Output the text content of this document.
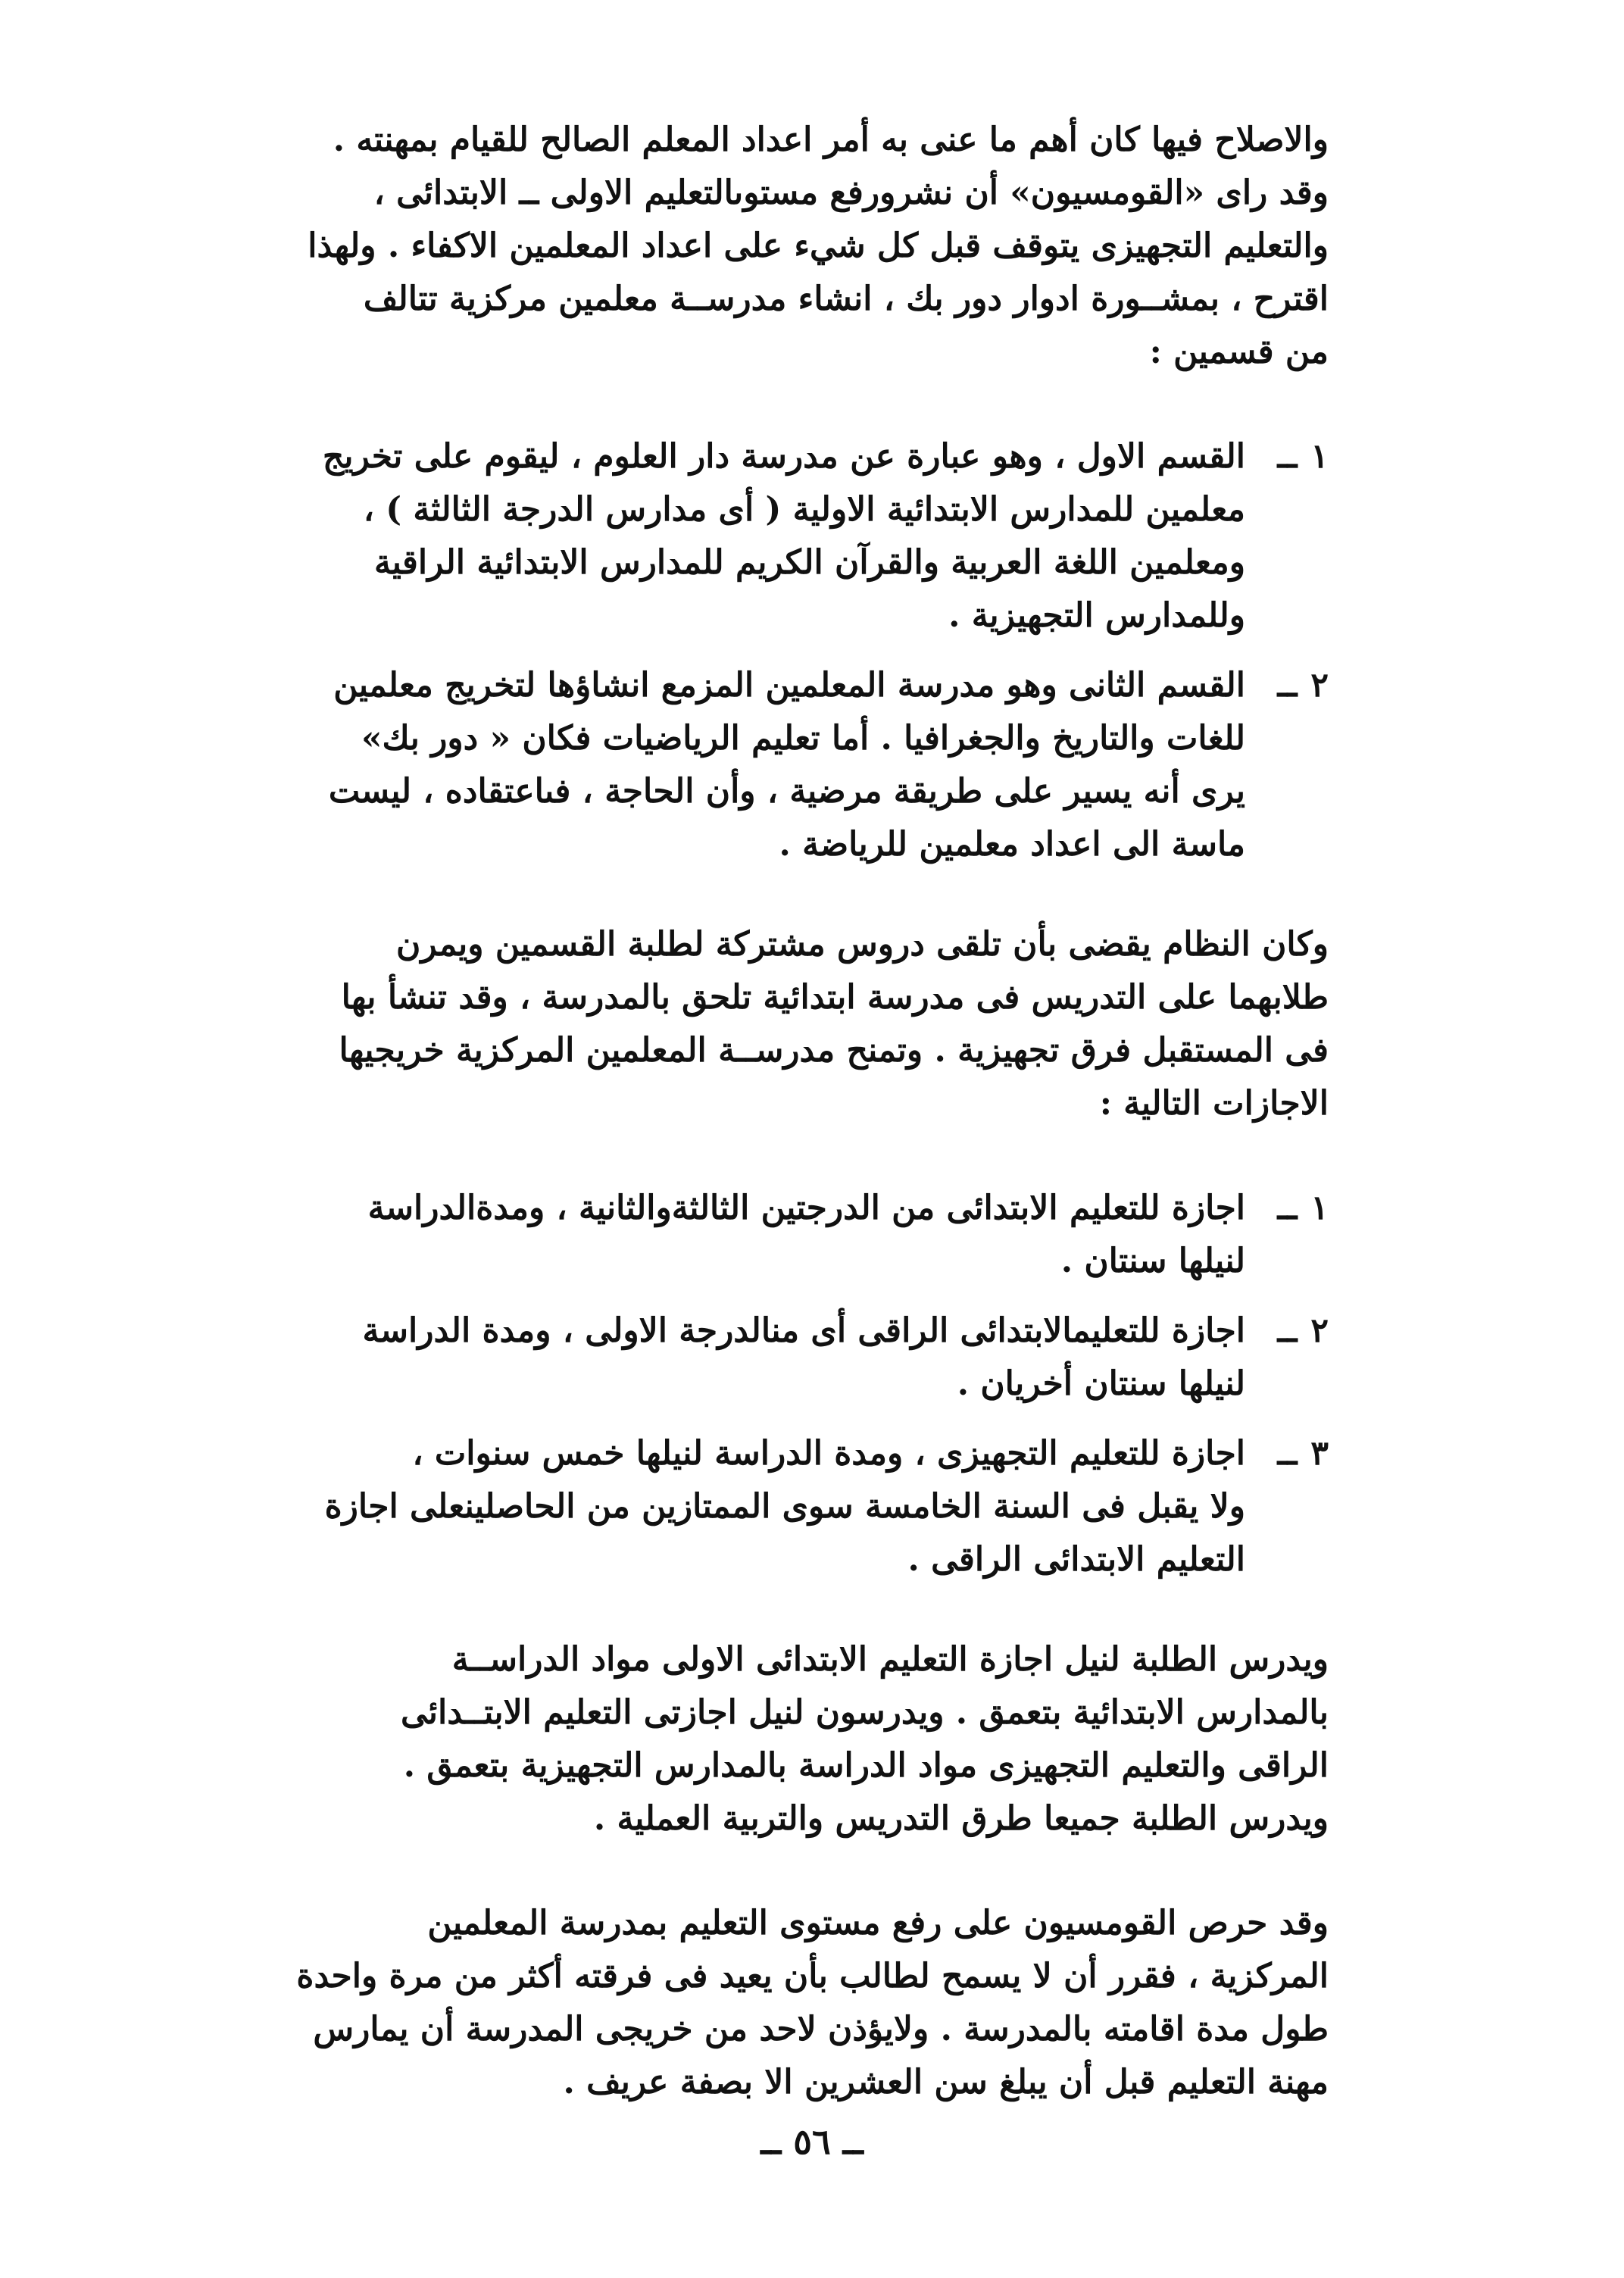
والاصلاح فيها كان أهم ما عنى به أمر اعداد المعلم الصالح للقيام بمهنته .

وقد راى «القومسيون» أن نشرورفع مستوىالتعليم الاولى ــ الابتدائى ،

والتعليم التجهيزى يتوقف قبل كل شيء على اعداد المعلمين الاكفاء . ولهذا

اقترح ، بمشــورة ادوار دور بك ، انشاء مدرســة معلمين مركزية تتالف

من قسمين :

١ــ

القسم الاول ، وهو عبارة عن مدرسة دار العلوم ، ليقوم على تخريج

معلمين للمدارس الابتدائية الاولية ( أى مدارس الدرجة الثالثة ) ،

ومعلمين اللغة العربية والقرآن الكريم للمدارس الابتدائية الراقية

وللمدارس التجهيزية .

٢ــ

القسم الثانى وهو مدرسة المعلمين المزمع انشاؤها لتخريج معلمين

للغات والتاريخ والجغرافيا . أما تعليم الرياضيات فكان « دور بك»

يرى أنه يسير على طريقة مرضية ، وأن الحاجة ، فىاعتقاده ، ليست

ماسة الى اعداد معلمين للرياضة .

وكان النظام يقضى بأن تلقى دروس مشتركة لطلبة القسمين ويمرن

طلابهما على التدريس فى مدرسة ابتدائية تلحق بالمدرسة ، وقد تنشأ بها

فى المستقبل فرق تجهيزية . وتمنح مدرســة المعلمين المركزية خريجيها

الاجازات التالية :

١ــ

اجازة للتعليم الابتدائى من الدرجتين الثالثةوالثانية ، ومدةالدراسة

لنيلها سنتان .

٢ــ

اجازة للتعليمالابتدائى الراقى أى منالدرجة الاولى ، ومدة الدراسة

لنيلها سنتان أخريان .

٣ــ

اجازة للتعليم التجهيزى ، ومدة الدراسة لنيلها خمس سنوات ،

ولا يقبل فى السنة الخامسة سوى الممتازين من الحاصلينعلى اجازة

التعليم الابتدائى الراقى .

ويدرس الطلبة لنيل اجازة التعليم الابتدائى الاولى مواد الدراســة

بالمدارس الابتدائية بتعمق . ويدرسون لنيل اجازتى التعليم الابتــدائى

الراقى والتعليم التجهيزى مواد الدراسة بالمدارس التجهيزية بتعمق .

ويدرس الطلبة جميعا طرق التدريس والتربية العملية .

وقد حرص القومسيون على رفع مستوى التعليم بمدرسة المعلمين

المركزية ، فقرر أن لا يسمح لطالب بأن يعيد فى فرقته أكثر من مرة واحدة

طول مدة اقامته بالمدرسة . ولايؤذن لاحد من خريجى المدرسة أن يمارس

مهنة التعليم قبل أن يبلغ سن العشرين الا بصفة عريف .

ــ ٥٦ ــ
